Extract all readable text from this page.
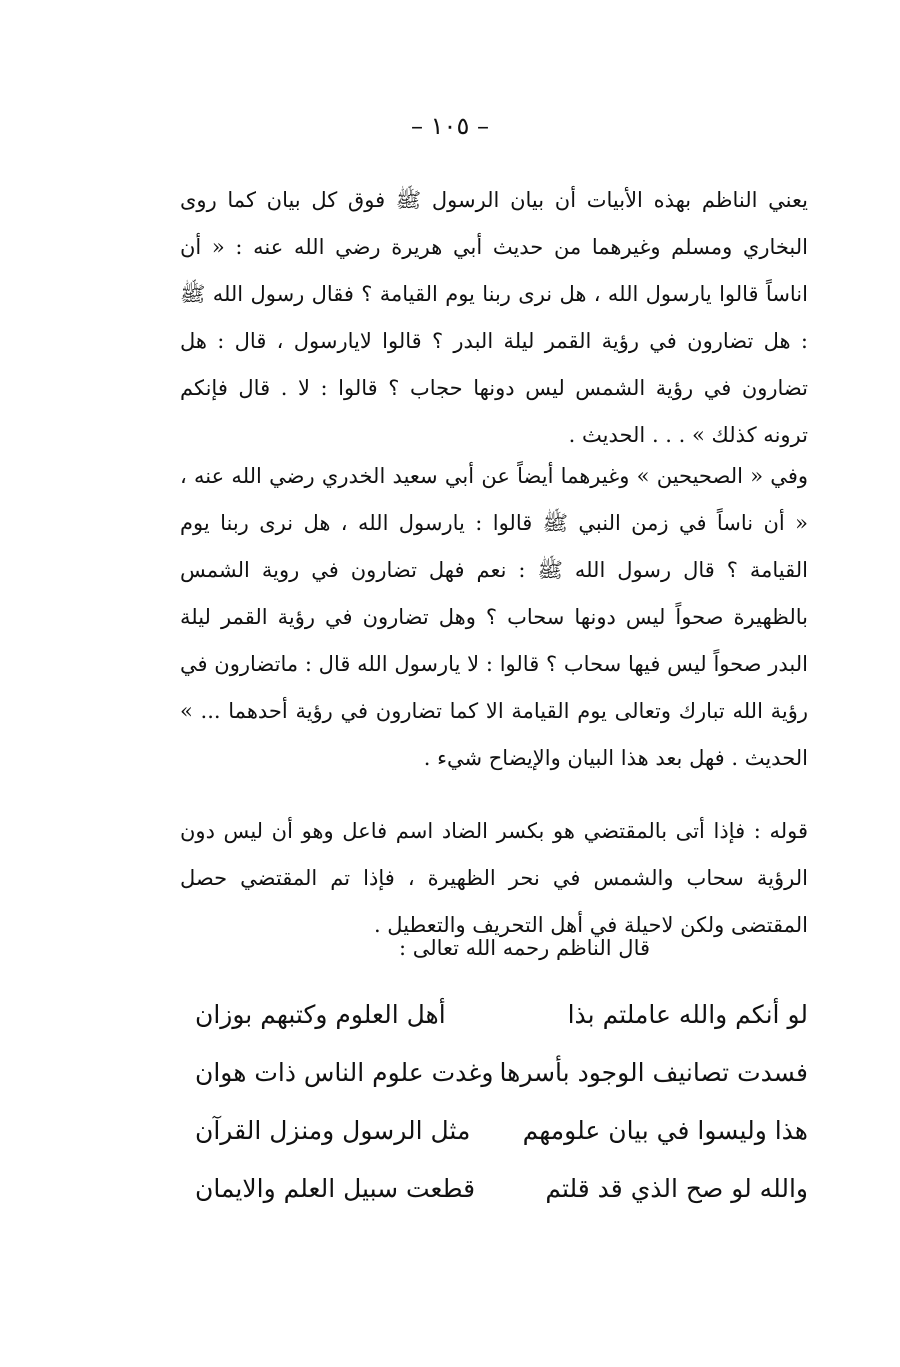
– ١٠٥ –

يعني الناظم بهذه الأبيات أن بيان الرسول ﷺ فوق كل بيان كما روى البخاري ومسلم وغيرهما من حديث أبي هريرة رضي الله عنه : « أن اناساً قالوا يارسول الله ، هل نرى ربنا يوم القيامة ؟ فقال رسول الله ﷺ : هل تضارون في رؤية القمر ليلة البدر ؟ قالوا لايارسول ، قال : هل تضارون في رؤية الشمس ليس دونها حجاب ؟ قالوا : لا . قال فإنكم ترونه كذلك » . . . الحديث .

وفي « الصحيحين » وغيرهما أيضاً عن أبي سعيد الخدري رضي الله عنه ، « أن ناساً في زمن النبي ﷺ قالوا : يارسول الله ، هل نرى ربنا يوم القيامة ؟ قال رسول الله ﷺ : نعم فهل تضارون في روية الشمس بالظهيرة صحواً ليس دونها سحاب ؟ وهل تضارون في رؤية القمر ليلة البدر صحواً ليس فيها سحاب ؟ قالوا : لا يارسول الله قال : ماتضارون في رؤية الله تبارك وتعالى يوم القيامة الا كما تضارون في رؤية أحدهما ... » الحديث . فهل بعد هذا البيان والإيضاح شيء .

قوله : فإذا أتى بالمقتضي هو بكسر الضاد اسم فاعل وهو أن ليس دون الرؤية سحاب والشمس في نحر الظهيرة ، فإذا تم المقتضي حصل المقتضى ولكن لاحيلة في أهل التحريف والتعطيل .

قال الناظم رحمه الله تعالى :
لو أنكم والله عاملتم بذا
أهل العلوم وكتبهم بوزان
فسدت تصانيف الوجود بأسرها
وغدت علوم الناس ذات هوان
هذا وليسوا في بيان علومهم
مثل الرسول ومنزل القرآن
والله لو صح الذي قد قلتم
قطعت سبيل العلم والايمان
